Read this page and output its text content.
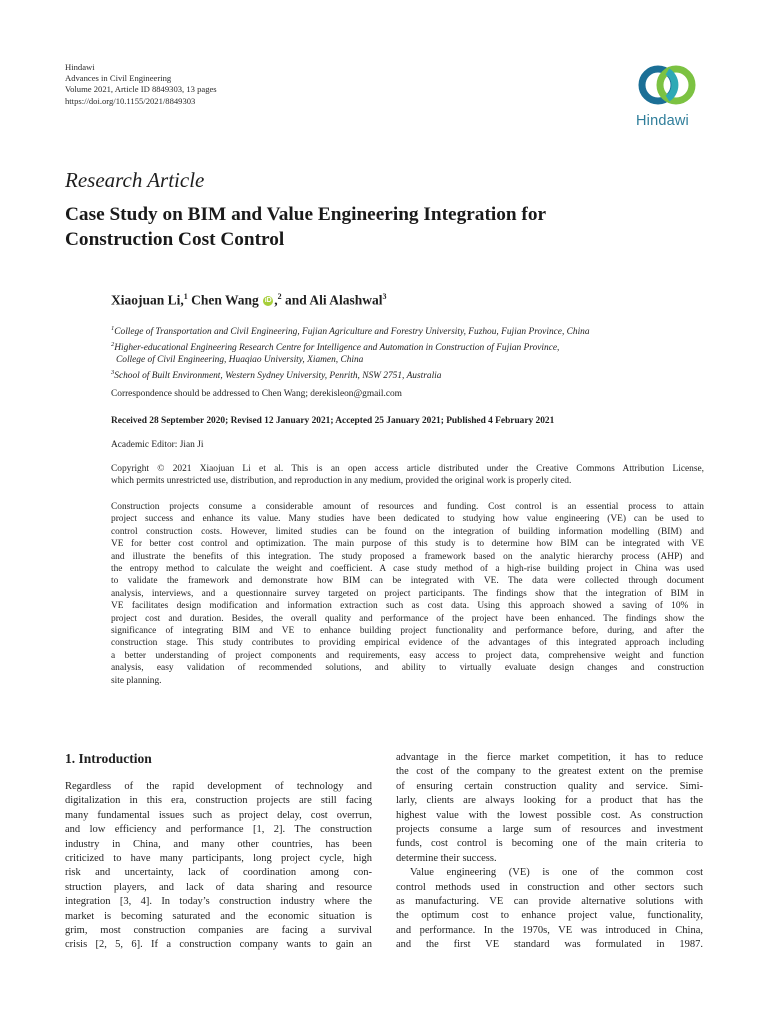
Hindawi
Advances in Civil Engineering
Volume 2021, Article ID 8849303, 13 pages
https://doi.org/10.1155/2021/8849303
Hindawi
Research Article
Case Study on BIM and Value Engineering Integration for
Construction Cost Control
Xiaojuan Li,$^1$ Chen Wang iD ,$^2$ and Ali Alashwal$^3$
$^1$College of Transportation and Civil Engineering, Fujian Agriculture and Forestry University, Fuzhou, Fujian Province, China
$^2$Higher-educational Engineering Research Centre for Intelligence and Automation in Construction of Fujian Province,
College of Civil Engineering, Huaqiao University, Xiamen, China
$^3$School of Built Environment, Western Sydney University, Penrith, NSW 2751, Australia
Correspondence should be addressed to Chen Wang; derekisleon@gmail.com
Received 28 September 2020; Revised 12 January 2021; Accepted 25 January 2021; Published 4 February 2021
Academic Editor: Jian Ji
Copyright © 2021 Xiaojuan Li et al. This is an open access article distributed under the Creative Commons Attribution License,
which permits unrestricted use, distribution, and reproduction in any medium, provided the original work is properly cited.
Construction projects consume a considerable amount of resources and funding. Cost control is an essential process to attain
project success and enhance its value. Many studies have been dedicated to studying how value engineering (VE) can be used to
control construction costs. However, limited studies can be found on the integration of building information modelling (BIM) and
VE for better cost control and optimization. The main purpose of this study is to determine how BIM can be integrated with VE
and illustrate the benefits of this integration. The study proposed a framework based on the analytic hierarchy process (AHP) and
the entropy method to calculate the weight and coefficient. A case study method of a high-rise building project in China was used
to validate the framework and demonstrate how BIM can be integrated with VE. The data were collected through document
analysis, interviews, and a questionnaire survey targeted on project participants. The findings show that the integration of BIM in
VE facilitates design modification and information extraction such as cost data. Using this approach showed a saving of 10% in
project cost and duration. Besides, the overall quality and performance of the project have been enhanced. The findings show the
significance of integrating BIM and VE to enhance building project functionality and performance before, during, and after the
construction stage. This study contributes to providing empirical evidence of the advantages of this integrated approach including
a better understanding of project components and requirements, easy access to project data, comprehensive weight and function
analysis, easy validation of recommended solutions, and ability to virtually evaluate design changes and construction
site planning.
1. Introduction
Regardless of the rapid development of technology and
digitalization in this era, construction projects are still facing
many fundamental issues such as project delay, cost overrun,
and low efficiency and performance [1, 2]. The construction
industry in China, and many other countries, has been
criticized to have many participants, long project cycle, high
risk and uncertainty, lack of coordination among con-
struction players, and lack of data sharing and resource
integration [3, 4]. In today’s construction industry where the
market is becoming saturated and the economic situation is
grim, most construction companies are facing a survival
crisis [2, 5, 6]. If a construction company wants to gain an
advantage in the fierce market competition, it has to reduce
the cost of the company to the greatest extent on the premise
of ensuring certain construction quality and service. Simi-
larly, clients are always looking for a product that has the
highest value with the lowest possible cost. As construction
projects consume a large sum of resources and investment
funds, cost control is becoming one of the main criteria to
determine their success.
Value engineering (VE) is one of the common cost
control methods used in construction and other sectors such
as manufacturing. VE can provide alternative solutions with
the optimum cost to enhance project value, functionality,
and performance. In the 1970s, VE was introduced in China,
and the first VE standard was formulated in 1987.
